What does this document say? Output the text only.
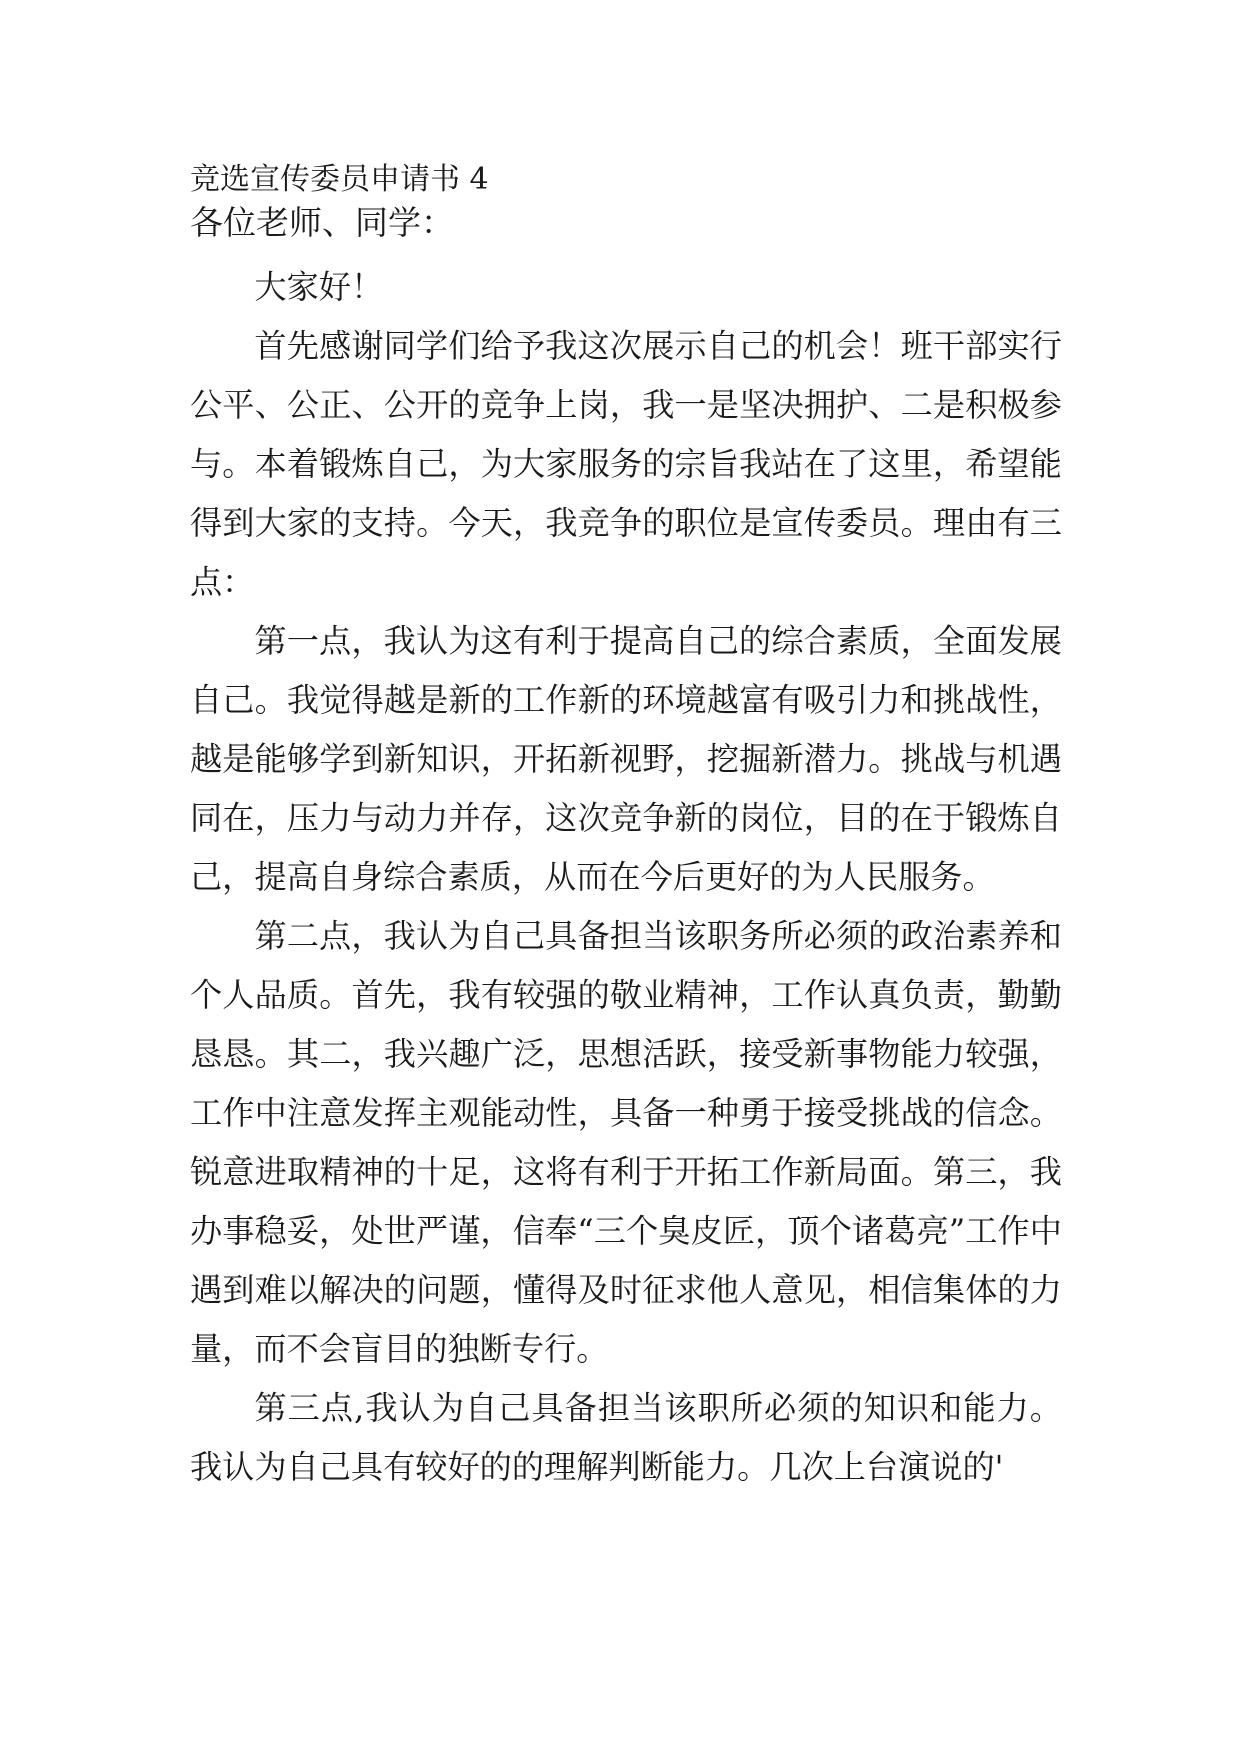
竞选宣传委员申请书 4
各位老师、同学：

大家好！

首先感谢同学们给予我这次展示自己的机会！班干部实行公平、公正、公开的竞争上岗，我一是坚决拥护、二是积极参与。本着锻炼自己，为大家服务的宗旨我站在了这里，希望能得到大家的支持。今天，我竞争的职位是宣传委员。理由有三点：

第一点，我认为这有利于提高自己的综合素质，全面发展自己。我觉得越是新的工作新的环境越富有吸引力和挑战性，越是能够学到新知识，开拓新视野，挖掘新潜力。挑战与机遇同在，压力与动力并存，这次竞争新的岗位，目的在于锻炼自己，提高自身综合素质，从而在今后更好的为人民服务。

第二点，我认为自己具备担当该职务所必须的政治素养和个人品质。首先，我有较强的敬业精神，工作认真负责，勤勤恳恳。其二，我兴趣广泛，思想活跃，接受新事物能力较强，工作中注意发挥主观能动性，具备一种勇于接受挑战的信念。锐意进取精神的十足，这将有利于开拓工作新局面。第三，我办事稳妥，处世严谨，信奉“三个臭皮匠，顶个诸葛亮”工作中遇到难以解决的问题，懂得及时征求他人意见，相信集体的力量，而不会盲目的独断专行。

第三点,我认为自己具备担当该职所必须的知识和能力。我认为自己具有较好的的理解判断能力。几次上台演说的'
